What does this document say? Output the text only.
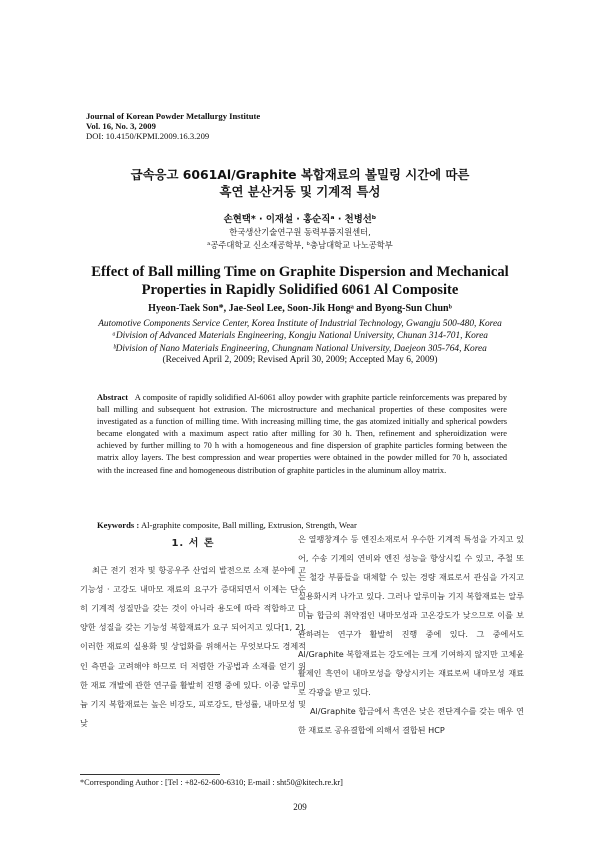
Journal of Korean Powder Metallurgy Institute
Vol. 16, No. 3, 2009
DOI: 10.4150/KPMI.2009.16.3.209
급속응고 6061Al/Graphite 복합재료의 볼밀링 시간에 따른
흑연 분산거동 및 기계적 특성
손현택* · 이재설 · 홍순직ᵃ · 천병선ᵇ
한국생산기술연구원 동력부품지원센터,
ᵃ공주대학교 신소재공학부, ᵇ충남대학교 나노공학부
Effect of Ball milling Time on Graphite Dispersion and Mechanical
Properties in Rapidly Solidified 6061 Al Composite
Hyeon-Taek Son*, Jae-Seol Lee, Soon-Jik Hongᵃ and Byong-Sun Chunᵇ
Automotive Components Service Center, Korea Institute of Industrial Technology, Gwangju 500-480, Korea
ᵃDivision of Advanced Materials Engineering, Kongju National University, Chunan 314-701, Korea
ᵇDivision of Nano Materials Engineering, Chungnam National University, Daejeon 305-764, Korea
(Received April 2, 2009; Revised April 30, 2009; Accepted May 6, 2009)
Abstract A composite of rapidly solidified Al-6061 alloy powder with graphite particle reinforcements was prepared by ball milling and subsequent hot extrusion. The microstructure and mechanical properties of these composites were investigated as a function of milling time. With increasing milling time, the gas atomized initially and spherical powders became elongated with a maximum aspect ratio after milling for 30 h. Then, refinement and spheroidization were achieved by further milling to 70 h with a homogeneous and fine dispersion of graphite particles forming between the matrix alloy layers. The best compression and wear properties were obtained in the powder milled for 70 h, associated with the increased fine and homogeneous distribution of graphite particles in the aluminum alloy matrix.
Keywords : Al-graphite composite, Ball milling, Extrusion, Strength, Wear
1. 서 론
최근 전기 전자 및 항공우주 산업의 발전으로 소재 분야에 고기능성 · 고강도 내마모 재료의 요구가 증대되면서 이제는 단순히 기계적 성질만을 갖는 것이 아니라 용도에 따라 적합하고 다양한 성질을 갖는 기능성 복합재료가 요구 되어지고 있다[1, 2]. 이러한 재료의 실용화 및 상업화를 위해서는 무엇보다도 경제적인 측면을 고려해야 하므로 더 저렴한 가공법과 소재를 얻기 위한 재료 개발에 관한 연구를 활발히 진행 중에 있다. 이중 알루미늄 기지 복합재료는 높은 비강도, 피로강도, 탄성률, 내마모성 및 낮
은 열팽창계수 등 엔진소재로서 우수한 기계적 특성을 가지고 있어, 수송 기계의 연비와 엔진 성능을 향상시킬 수 있고, 주철 또는 철강 부품들을 대체할 수 있는 경량 재료로서 관심을 가지고 실용화시켜 나가고 있다. 그러나 알루미늄 기지 복합재료는 알루미늄 합금의 취약점인 내마모성과 고온강도가 낮으므로 이를 보완하려는 연구가 활발히 진행 중에 있다. 그 중에서도 Al/Graphite 복합재료는 강도에는 크게 기여하지 않지만 고체윤활제인 흑연이 내마모성을 향상시키는 재료로써 내마모성 재료로 각광을 받고 있다.
Al/Graphite 합금에서 흑연은 낮은 전단계수를 갖는 매우 연한 재료로 공유결합에 의해서 결합된 HCP
*Corresponding Author : [Tel : +82-62-600-6310; E-mail : sht50@kitech.re.kr]
209
